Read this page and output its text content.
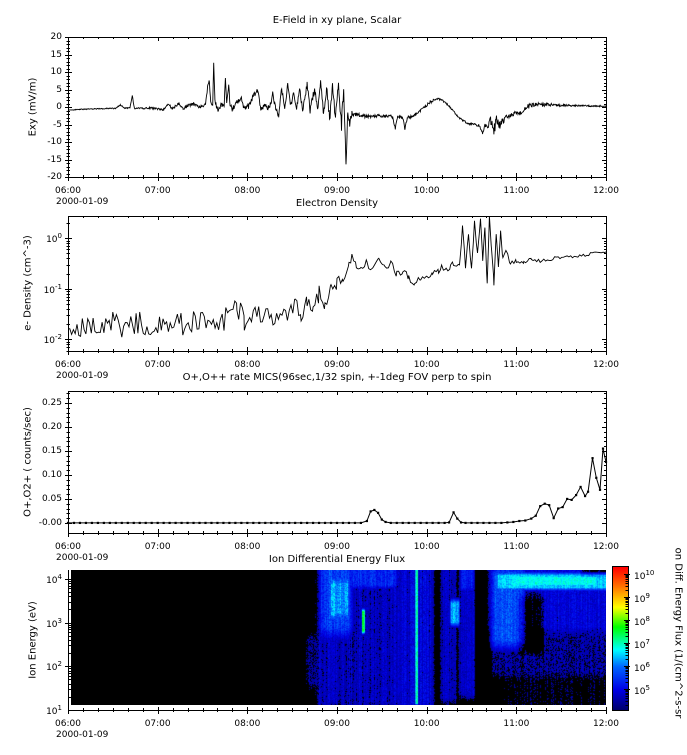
E-Field in xy plane, Scalar
Electron Density
O+,O++ rate MICS(96sec,1/32 spin, +-1deg FOV perp to spin
Ion Differential Energy Flux
Exy (mV/m)
e- Density (cm^-3)
O+,O2+ ( counts/sec)
Ion Energy (eV)
2000-01-09
2000-01-09
2000-01-09
2000-01-09
on Diff. Energy Flux (1/(cm^2-s-sr
20
15
10
5
0
-5
-10
-15
-20
06:00	07:00	08:00	09:00	10:00	11:00	12:00
$10^0$
$10^{-1}$
$10^{-2}$
06:00	07:00	08:00	09:00	10:00	11:00	12:00
-0.00
0.05
0.10
0.15
0.20
0.25
06:00	07:00	08:00	09:00	10:00	11:00	12:00
$10^4$
$10^3$
$10^2$
$10^1$
06:00	07:00	08:00	09:00	10:00	11:00	12:00
$10^{10}$
$10^9$
$10^8$
$10^7$
$10^6$
$10^5$
